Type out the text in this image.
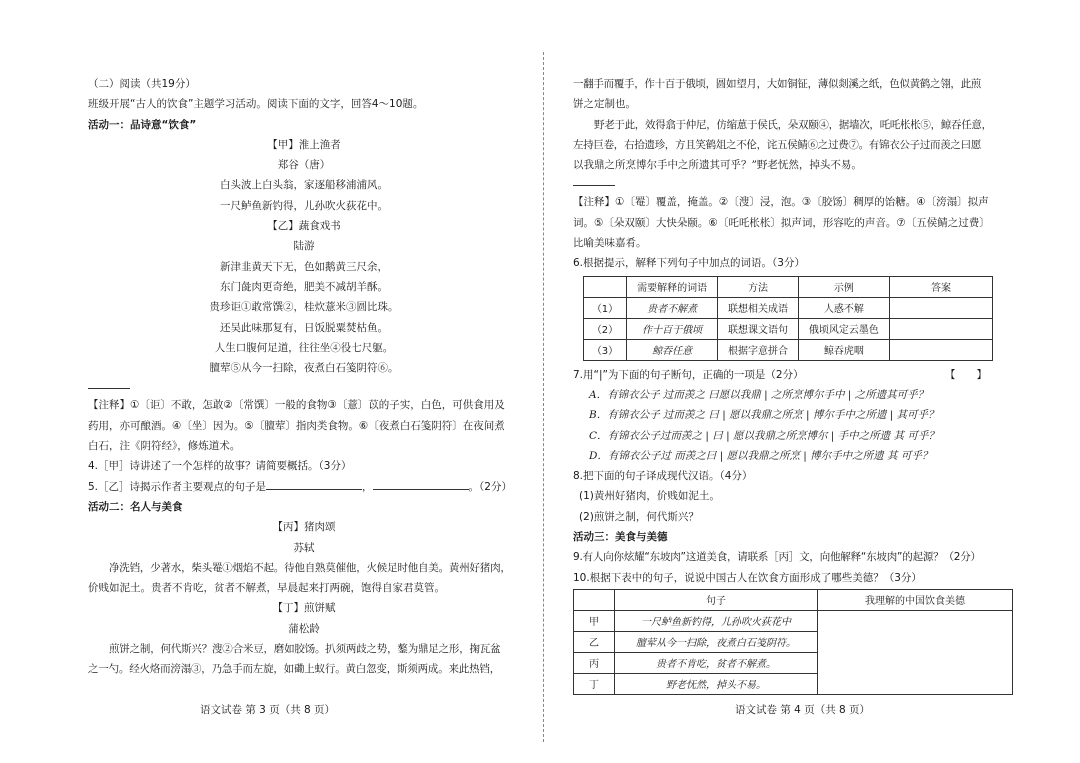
（二）阅读（共19分）
班级开展“古人的饮食”主题学习活动。阅读下面的文字，回答4～10题。
活动一：品诗意“饮食”
【甲】淮上渔者
郑谷（唐）
白头波上白头翁，家逐船移浦浦风。
一尺鲈鱼新钓得，儿孙吹火荻花中。
【乙】蔬食戏书
陆游
新津韭黄天下无，色如鹅黄三尺余，
东门彘肉更奇绝，肥美不减胡羊酥。
贵珍讵①敢常馔②，桂炊薏米③圆比珠。
还吴此味那复有，日饭脱粟焚枯鱼。
人生口腹何足道，往往坐④役七尺躯。
膻荤⑤从今一扫除，夜煮白石笺阴符⑥。
【注释】①〔讵〕不敢，怎敢②〔常馔〕一般的食物③〔薏〕苡的子实，白色，可供食用及
药用，亦可酿酒。④〔坐〕因为。⑤〔膻荤〕指肉类食物。⑥〔夜煮白石笺阴符〕在夜间煮
白石，注《阴符经》，修炼道术。
4.［甲］诗讲述了一个怎样的故事？请简要概括。（3分）
5.［乙］诗揭示作者主要观点的句子是	，	。（2分）
活动二：名人与美食
【丙】猪肉颂
苏轼
净洗铛，少著水，柴头罨①烟焰不起。待他自熟莫催他，火候足时他自美。黄州好猪肉，
价贱如泥土。贵者不肯吃，贫者不解煮，早晨起来打两碗，饱得自家君莫管。
【丁】煎饼赋
蒲松龄
煎饼之制，何代斯兴？溲②合米豆，磨如胶饧。扒须两歧之势，鏊为鼎足之形，掬瓦盆
之一勺。经火烙而滂溻③，乃急手而左旋，如磡上蚁行。黄白忽变，斯须两成。来此热铛，
语文试卷 第 3 页（共 8 页）
一翻手而覆手，作十百于俄顷，圆如望月，大如铜钲，薄似剡溪之纸，色似黄鹤之翎，此煎
饼之定制也。
野老于此，效得翕于仲尼，仿缩葸于侯氏，朵双颐④，据墙次，吒吒枨枨⑤，鲸吞任意，
左持巨卷，右拾遗珍，方且笑鹤俎之不伦，诧五侯鲭⑥之过费⑦。有锦衣公子过而羡之曰愿
以我鼎之所烹博尔手中之所遗其可乎？”野老怃然，掉头不易。
【注释】①〔罨〕覆盖，掩盖。②〔溲〕浸，泡。③〔胶饧〕稠厚的饴糖。④〔滂溻〕拟声
词。⑤〔朵双颐〕大快朵颐。⑥〔吒吒枨枨〕拟声词，形容吃的声音。⑦〔五侯鲭之过费〕
比喻美味嘉肴。
6.根据提示，解释下列句子中加点的词语。（3分）
	需要解释的词语	方法	示例	答案
（1）	贵者不解煮	联想相关成语	人惑不解	
（2）	作十百于俄顷	联想课文语句	俄顷风定云墨色	
（3）	鲸吞任意	根据字意拼合	鲸吞虎咽	
7.用“|”为下面的句子断句，正确的一项是（2分）	【　　】
A．有锦衣公子 过而羡之 曰愿以我鼎 | 之所烹博尔手中 | 之所遗其可乎？
B．有锦衣公子 过而羡之 曰 | 愿以我鼎之所烹 | 博尔手中之所遗 | 其可乎？
C．有锦衣公子过而羡之 | 曰 | 愿以我鼎之所烹博尔 | 手中之所遗 其 可乎？
D．有锦衣公子过 而羡之曰 | 愿以我鼎之所烹 | 博尔手中之所遗 其 可乎？
8.把下面的句子译成现代汉语。（4分）
(1)黄州好猪肉，价贱如泥土。
(2)煎饼之制，何代斯兴？
活动三：美食与美德
9.有人向你炫耀“东坡肉”这道美食，请联系［丙］文，向他解释“东坡肉”的起源？（2分）
10.根据下表中的句子，说说中国古人在饮食方面形成了哪些美德？（3分）
	句子	我理解的中国饮食美德
甲	一尺鲈鱼新钓得，儿孙吹火荻花中	
乙	膻荤从今一扫除，夜煮白石笺阴符。	
丙	贵者不肯吃，贫者不解煮。	
丁	野老怃然，掉头不易。	
语文试卷 第 4 页（共 8 页）
